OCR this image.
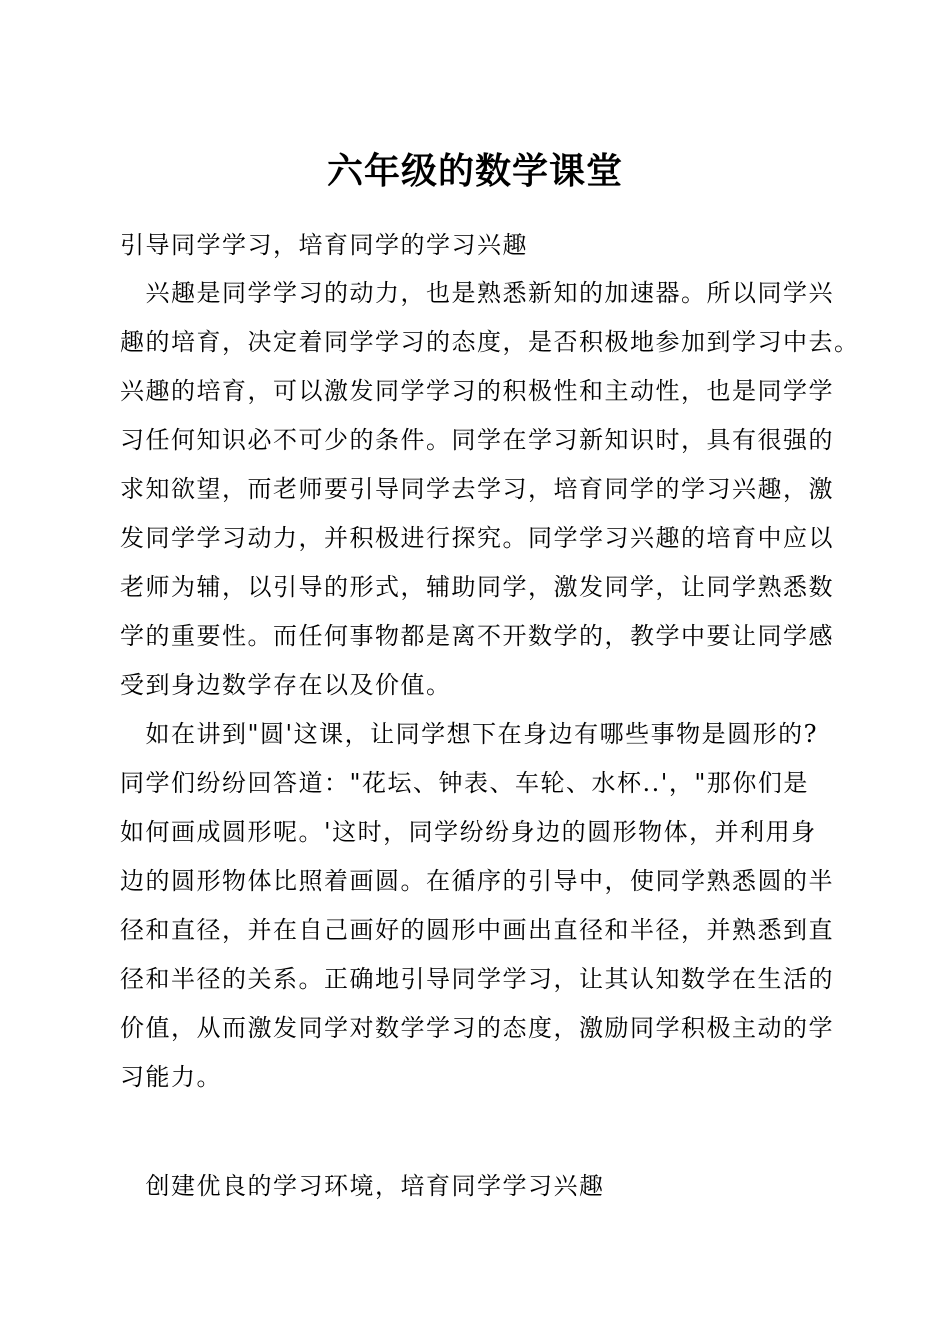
六年级的数学课堂
引导同学学习，培育同学的学习兴趣
　兴趣是同学学习的动力，也是熟悉新知的加速器。所以同学兴
趣的培育，决定着同学学习的态度，是否积极地参加到学习中去。
兴趣的培育，可以激发同学学习的积极性和主动性，也是同学学
习任何知识必不可少的条件。同学在学习新知识时，具有很强的
求知欲望，而老师要引导同学去学习，培育同学的学习兴趣，激
发同学学习动力，并积极进行探究。同学学习兴趣的培育中应以
老师为辅，以引导的形式，辅助同学，激发同学，让同学熟悉数
学的重要性。而任何事物都是离不开数学的，教学中要让同学感
受到身边数学存在以及价值。
　如在讲到"圆'这课，让同学想下在身边有哪些事物是圆形的?
同学们纷纷回答道："花坛、钟表、车轮、水杯..'，"那你们是
如何画成圆形呢。'这时，同学纷纷身边的圆形物体，并利用身
边的圆形物体比照着画圆。在循序的引导中，使同学熟悉圆的半
径和直径，并在自己画好的圆形中画出直径和半径，并熟悉到直
径和半径的关系。正确地引导同学学习，让其认知数学在生活的
价值，从而激发同学对数学学习的态度，激励同学积极主动的学
习能力。
　创建优良的学习环境，培育同学学习兴趣
